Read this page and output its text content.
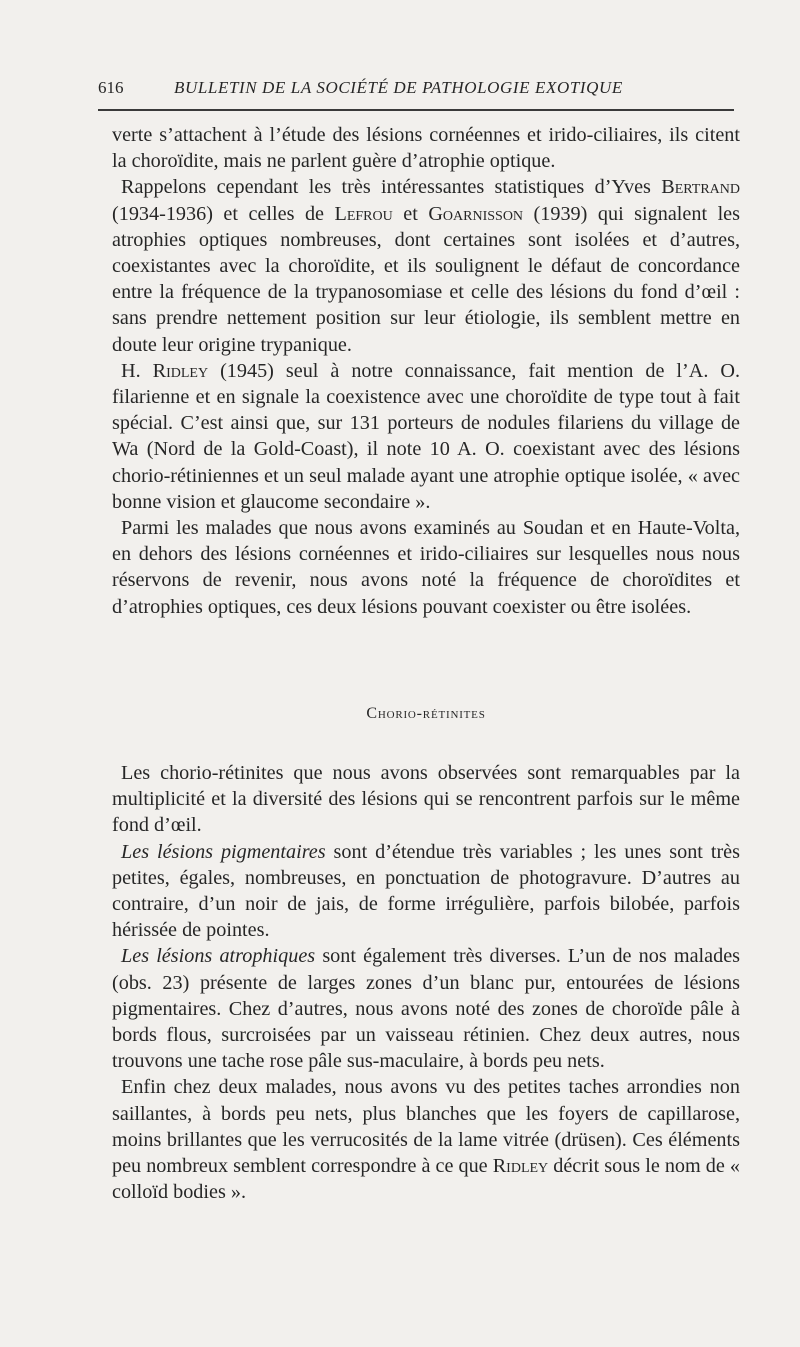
616	BULLETIN DE LA SOCIÉTÉ DE PATHOLOGIE EXOTIQUE

verte s’attachent à l’étude des lésions cornéennes et irido-ciliaires, ils citent la choroïdite, mais ne parlent guère d’atrophie optique.

Rappelons cependant les très intéressantes statistiques d’Yves Bertrand (1934-1936) et celles de Lefrou et Goarnisson (1939) qui signalent les atrophies optiques nombreuses, dont certaines sont isolées et d’autres, coexistantes avec la choroïdite, et ils soulignent le défaut de concordance entre la fréquence de la trypanosomiase et celle des lésions du fond d’œil : sans prendre nettement position sur leur étiologie, ils semblent mettre en doute leur origine trypanique.

H. Ridley (1945) seul à notre connaissance, fait mention de l’A. O. filarienne et en signale la coexistence avec une choroïdite de type tout à fait spécial. C’est ainsi que, sur 131 porteurs de nodules filariens du village de Wa (Nord de la Gold-Coast), il note 10 A. O. coexistant avec des lésions chorio-rétiniennes et un seul malade ayant une atrophie optique isolée, « avec bonne vision et glaucome secondaire ».

Parmi les malades que nous avons examinés au Soudan et en Haute-Volta, en dehors des lésions cornéennes et irido-ciliaires sur lesquelles nous nous réservons de revenir, nous avons noté la fréquence de choroïdites et d’atrophies optiques, ces deux lésions pouvant coexister ou être isolées.

Chorio-rétinites

Les chorio-rétinites que nous avons observées sont remarquables par la multiplicité et la diversité des lésions qui se rencontrent parfois sur le même fond d’œil.

Les lésions pigmentaires sont d’étendue très variables ; les unes sont très petites, égales, nombreuses, en ponctuation de photogravure. D’autres au contraire, d’un noir de jais, de forme irrégulière, parfois bilobée, parfois hérissée de pointes.

Les lésions atrophiques sont également très diverses. L’un de nos malades (obs. 23) présente de larges zones d’un blanc pur, entourées de lésions pigmentaires. Chez d’autres, nous avons noté des zones de choroïde pâle à bords flous, surcroisées par un vaisseau rétinien. Chez deux autres, nous trouvons une tache rose pâle sus-maculaire, à bords peu nets.

Enfin chez deux malades, nous avons vu des petites taches arrondies non saillantes, à bords peu nets, plus blanches que les foyers de capillarose, moins brillantes que les verrucosités de la lame vitrée (drüsen). Ces éléments peu nombreux semblent correspondre à ce que Ridley décrit sous le nom de « colloïd bodies ».
